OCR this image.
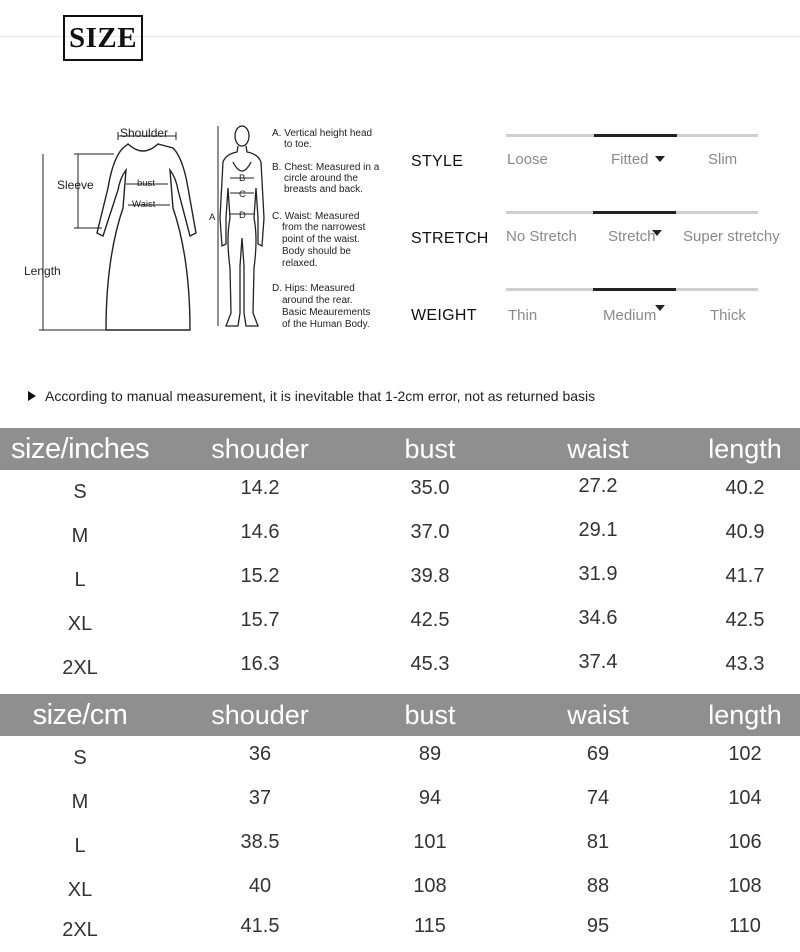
SIZE
Shoulder
Sleeve
Length
bust
Waist
A
B
C
D
A. Vertical height head
to toe.
B. Chest: Measured in a
circle around the
breasts and back.
C. Waist: Measured
from the narrowest
point of the waist.
Body should be
relaxed.
D. Hips: Measured
around the rear.
Basic Meaurements
of the Human Body.
STYLE	Loose	Fitted	Slim
STRETCH No Stretch Stretch Super stretchy
WEIGHT Thin	Medium	Thick
According to manual measurement, it is inevitable that 1-2cm error, not as returned basis
size/inches	shouder	bust	waist	length
S	14.2	35.0	27.2	40.2
M	14.6	37.0	29.1	40.9
L	15.2	39.8	31.9	41.7
XL	15.7	42.5	34.6	42.5
2XL	16.3	45.3	37.4	43.3
size/cm	shouder	bust	waist	length
S	36	89	69	102
M	37	94	74	104
L	38.5	101	81	106
XL	40	108	88	108
2XL	41.5	115	95	110
